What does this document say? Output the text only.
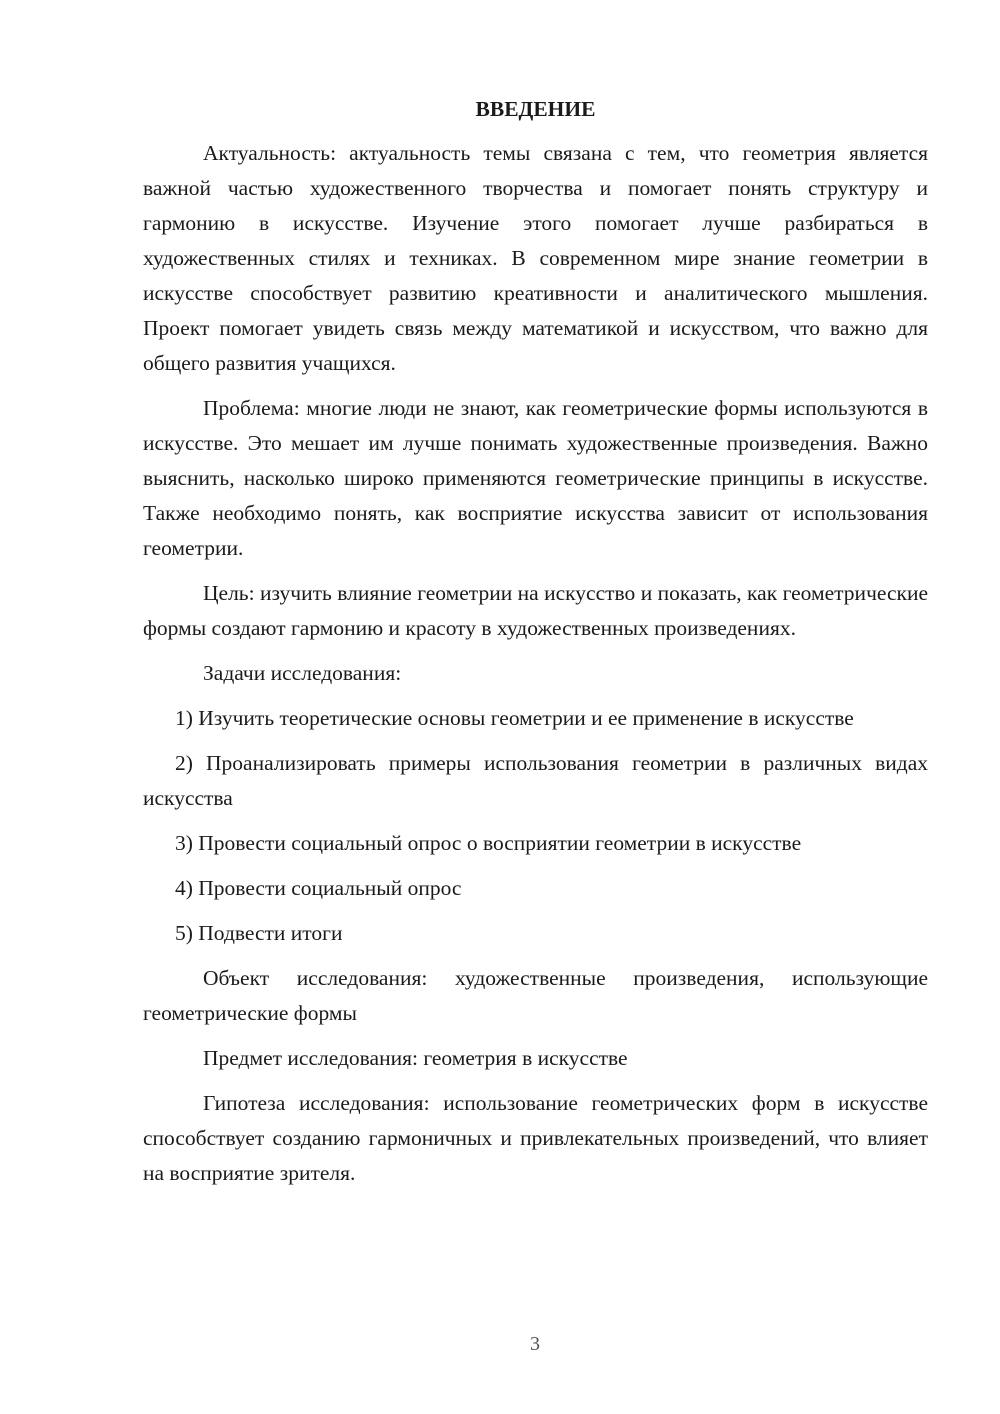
ВВЕДЕНИЕ

Актуальность: актуальность темы связана с тем, что геометрия является важной частью художественного творчества и помогает понять структуру и гармонию в искусстве. Изучение этого помогает лучше разбираться в художественных стилях и техниках. В современном мире знание геометрии в искусстве способствует развитию креативности и аналитического мышления. Проект помогает увидеть связь между математикой и искусством, что важно для общего развития учащихся.

Проблема: многие люди не знают, как геометрические формы используются в искусстве. Это мешает им лучше понимать художественные произведения. Важно выяснить, насколько широко применяются геометрические принципы в искусстве. Также необходимо понять, как восприятие искусства зависит от использования геометрии.

Цель: изучить влияние геометрии на искусство и показать, как геометрические формы создают гармонию и красоту в художественных произведениях.

Задачи исследования:

1) Изучить теоретические основы геометрии и ее применение в искусстве

2) Проанализировать примеры использования геометрии в различных видах искусства

3) Провести социальный опрос о восприятии геометрии в искусстве

4) Провести социальный опрос

5) Подвести итоги

Объект исследования: художественные произведения, использующие геометрические формы

Предмет исследования: геометрия в искусстве

Гипотеза исследования: использование геометрических форм в искусстве способствует созданию гармоничных и привлекательных произведений, что влияет на восприятие зрителя.

3
